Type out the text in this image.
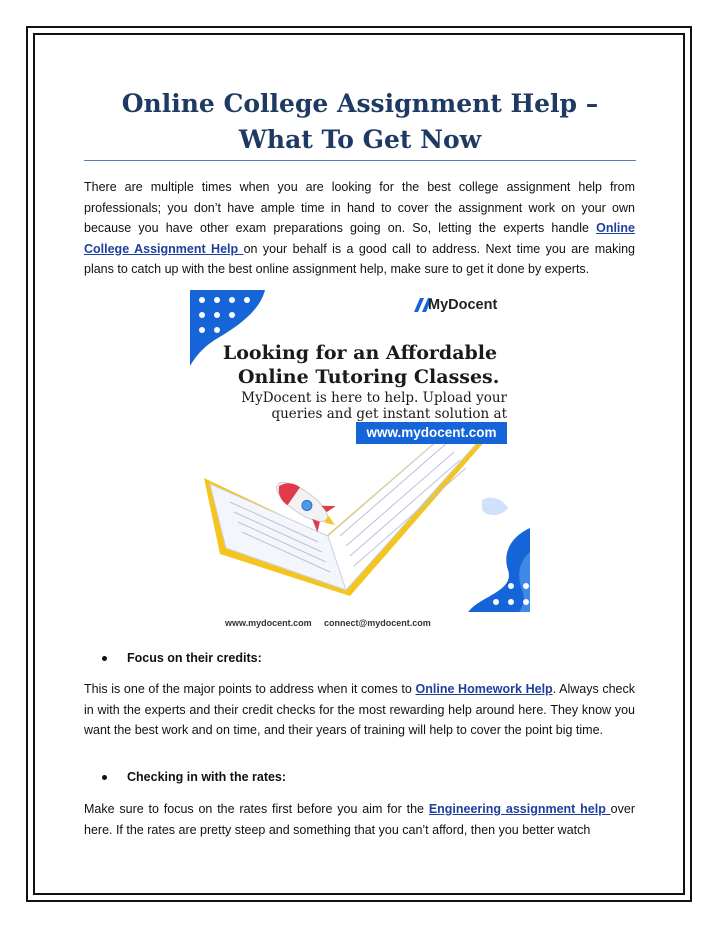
Online College Assignment Help –
What To Get Now

There are multiple times when you are looking for the best college assignment help from professionals; you don’t have ample time in hand to cover the assignment work on your own because you have other exam preparations going on. So, letting the experts handle Online College Assignment Help on your behalf is a good call to address. Next time you are making plans to catch up with the best online assignment help, make sure to get it done by experts.

MyDocent
Looking for an Affordable
Online Tutoring Classes.
MyDocent is here to help. Upload your
queries and get instant solution at
www.mydocent.com
www.mydocent.com connect@mydocent.com
Focus on their credits:

This is one of the major points to address when it comes to Online Homework Help. Always check in with the experts and their credit checks for the most rewarding help around here. They know you want the best work and on time, and their years of training will help to cover the point big time.

Checking in with the rates:

Make sure to focus on the rates first before you aim for the Engineering assignment help over here. If the rates are pretty steep and something that you can’t afford, then you better watch
